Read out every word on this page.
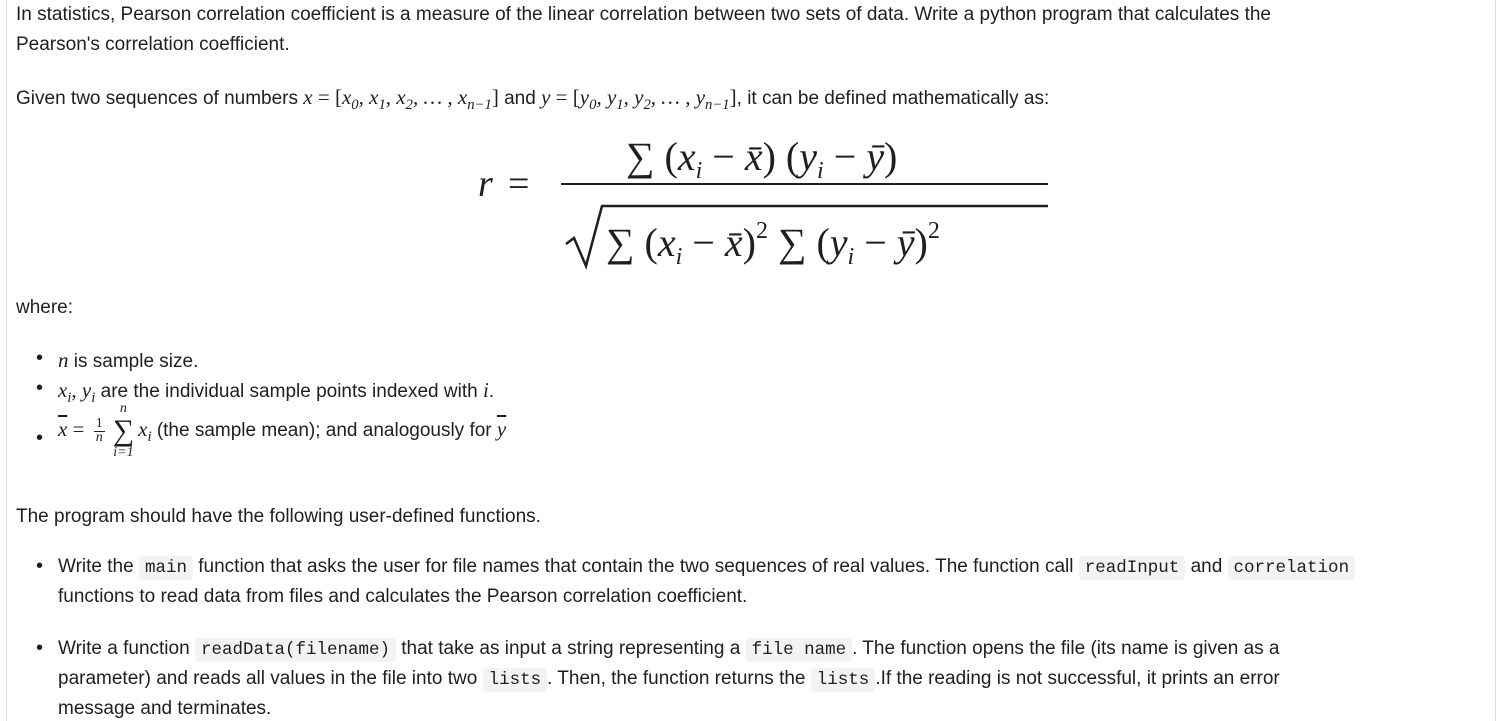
In statistics, Pearson correlation coefficient is a measure of the linear correlation between two sets of data. Write a python program that calculates the

Pearson's correlation coefficient.

Given two sequences of numbers $x = [x_0$, $x_1$, $x_2$, … , $x_{n-1}$] and $y = [y_0$, $y_1$, $y_2$, … , $y_{n-1}$], it can be defined mathematically as:

r =
∑ ($x_i$ − x̄) ($y_i$ − ȳ)
∑ ($x_i$ − x̄)$^2$ ∑ ($y_i$ − ȳ)$^2$

where:

• n is sample size.

• $x_i$, $y_i$ are the individual sample points indexed with i.

• $\overline{x} = \frac{1}{n}$
n
∑
i=1
$x_i$ (the sample mean); and analogously for $\overline{y}$

The program should have the following user-defined functions.

• Write the main function that asks the user for file names that contain the two sequences of real values. The function call readInput and correlation

functions to read data from files and calculates the Pearson correlation coefficient.

• Write a function readData(filename) that take as input a string representing a file name . The function opens the file (its name is given as a

parameter) and reads all values in the file into two lists . Then, the function returns the lists .If the reading is not successful, it prints an error

message and terminates.
